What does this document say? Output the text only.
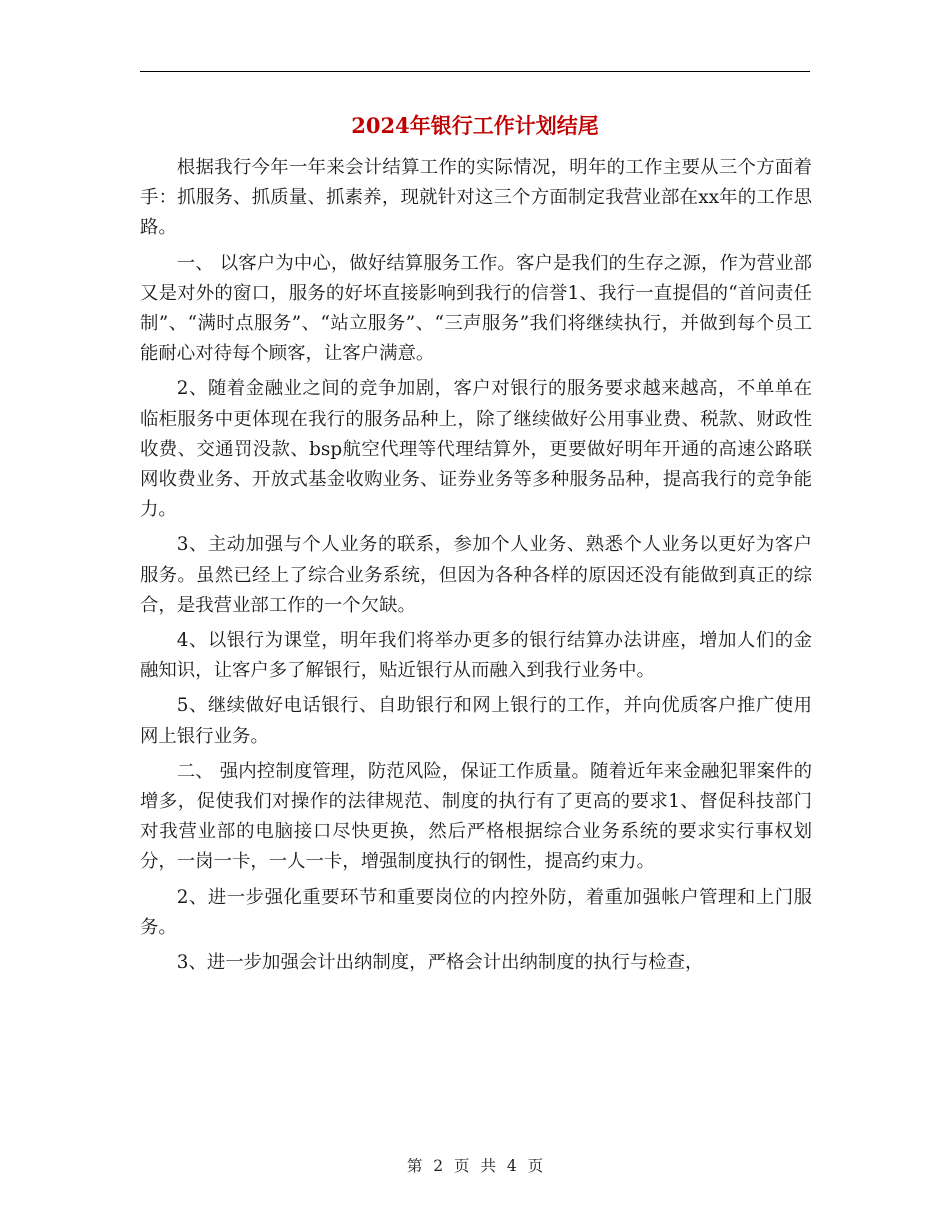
2024年银行工作计划结尾

根据我行今年一年来会计结算工作的实际情况，明年的工作主要从三个方面着手：抓服务、抓质量、抓素养，现就针对这三个方面制定我营业部在xx年的工作思路。

一、 以客户为中心，做好结算服务工作。客户是我们的生存之源，作为营业部又是对外的窗口，服务的好坏直接影响到我行的信誉1、我行一直提倡的“首问责任制”、“满时点服务”、“站立服务”、“三声服务”我们将继续执行，并做到每个员工能耐心对待每个顾客，让客户满意。

2、随着金融业之间的竞争加剧，客户对银行的服务要求越来越高，不单单在临柜服务中更体现在我行的服务品种上，除了继续做好公用事业费、税款、财政性收费、交通罚没款、bsp航空代理等代理结算外，更要做好明年开通的高速公路联网收费业务、开放式基金收购业务、证券业务等多种服务品种，提高我行的竞争能力。

3、主动加强与个人业务的联系，参加个人业务、熟悉个人业务以更好为客户服务。虽然已经上了综合业务系统，但因为各种各样的原因还没有能做到真正的综合，是我营业部工作的一个欠缺。

4、以银行为课堂，明年我们将举办更多的银行结算办法讲座，增加人们的金融知识，让客户多了解银行，贴近银行从而融入到我行业务中。

5、继续做好电话银行、自助银行和网上银行的工作，并向优质客户推广使用网上银行业务。

二、 强内控制度管理，防范风险，保证工作质量。随着近年来金融犯罪案件的增多，促使我们对操作的法律规范、制度的执行有了更高的要求1、督促科技部门对我营业部的电脑接口尽快更换，然后严格根据综合业务系统的要求实行事权划分，一岗一卡，一人一卡，增强制度执行的钢性，提高约束力。

2、进一步强化重要环节和重要岗位的内控外防，着重加强帐户管理和上门服务。

3、进一步加强会计出纳制度，严格会计出纳制度的执行与检查，

第 2 页 共 4 页
